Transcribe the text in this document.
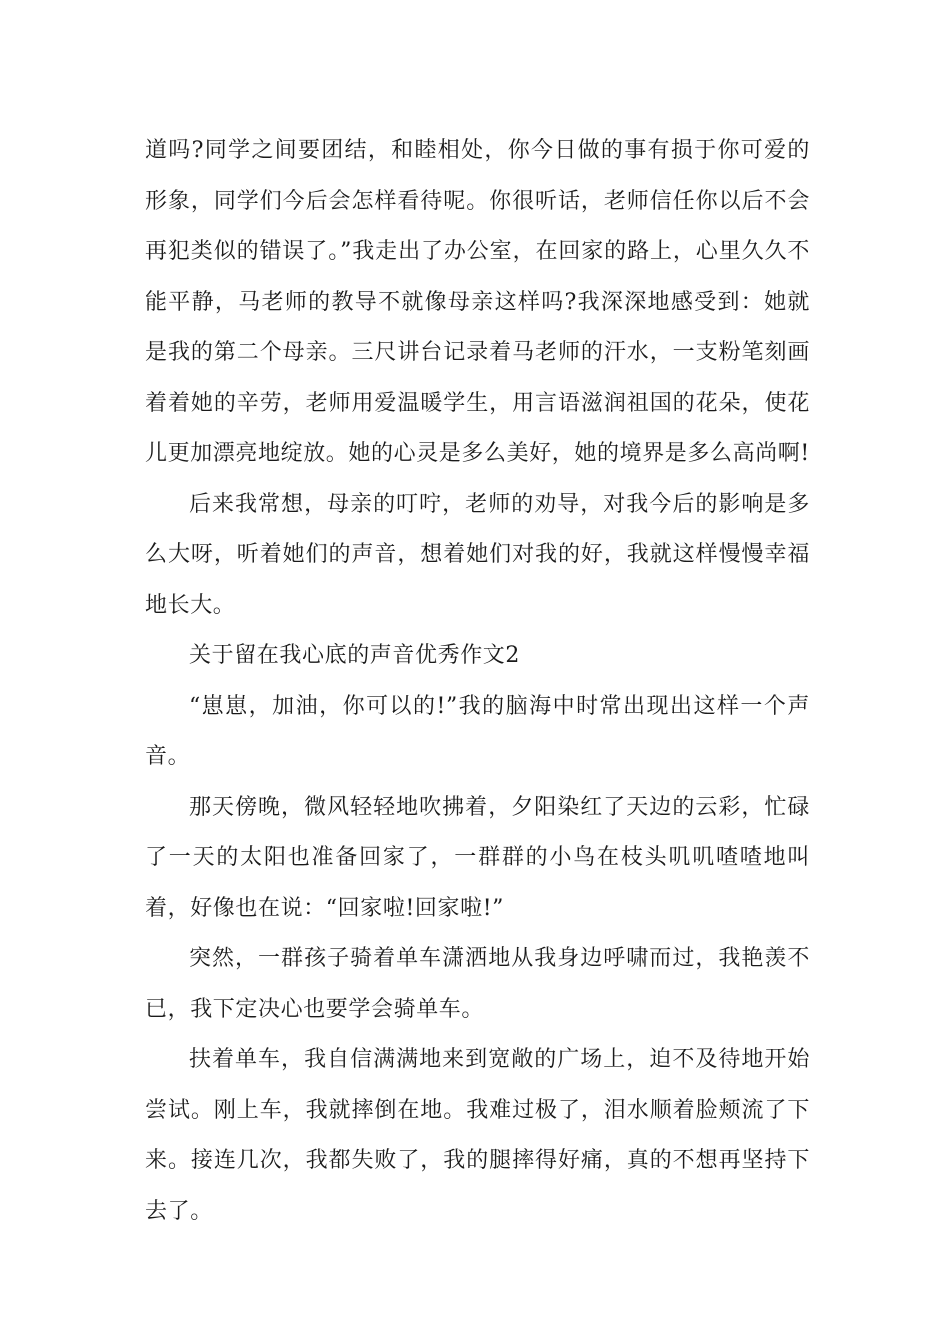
道吗?同学之间要团结，和睦相处，你今日做的事有损于你可爱的形象，同学们今后会怎样看待呢。你很听话，老师信任你以后不会再犯类似的错误了。”我走出了办公室，在回家的路上，心里久久不能平静，马老师的教导不就像母亲这样吗?我深深地感受到：她就是我的第二个母亲。三尺讲台记录着马老师的汗水，一支粉笔刻画着着她的辛劳，老师用爱温暖学生，用言语滋润祖国的花朵，使花儿更加漂亮地绽放。她的心灵是多么美好，她的境界是多么高尚啊!

后来我常想，母亲的叮咛，老师的劝导，对我今后的影响是多么大呀，听着她们的声音，想着她们对我的好，我就这样慢慢幸福地长大。

关于留在我心底的声音优秀作文2

“崽崽，加油，你可以的!”我的脑海中时常出现出这样一个声音。

那天傍晚，微风轻轻地吹拂着，夕阳染红了天边的云彩，忙碌了一天的太阳也准备回家了，一群群的小鸟在枝头叽叽喳喳地叫着，好像也在说：“回家啦!回家啦!”

突然，一群孩子骑着单车潇洒地从我身边呼啸而过，我艳羡不已，我下定决心也要学会骑单车。

扶着单车，我自信满满地来到宽敞的广场上，迫不及待地开始尝试。刚上车，我就摔倒在地。我难过极了，泪水顺着脸颊流了下来。接连几次，我都失败了，我的腿摔得好痛，真的不想再坚持下去了。
